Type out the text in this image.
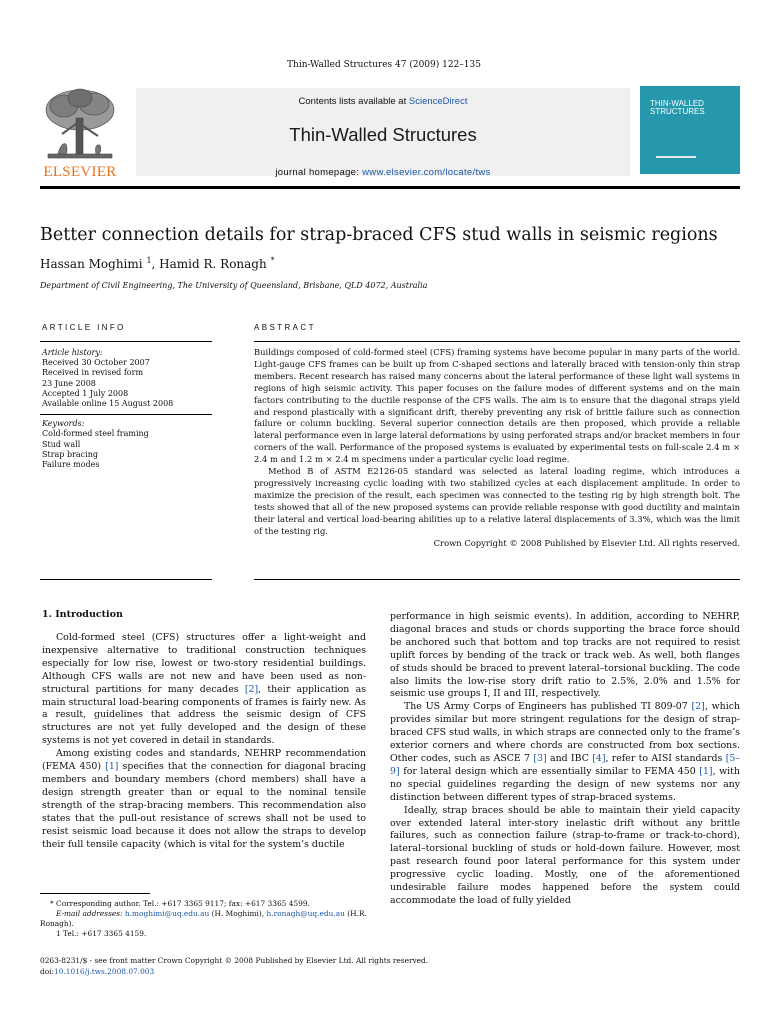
Thin-Walled Structures 47 (2009) 122–135
ELSEVIER
Contents lists available at ScienceDirect
Thin-Walled Structures
journal homepage: www.elsevier.com/locate/tws
THIN-WALLED
STRUCTURES
Better connection details for strap-braced CFS stud walls in seismic regions
Hassan Moghimi $^1$, Hamid R. Ronagh *
Department of Civil Engineering, The University of Queensland, Brisbane, QLD 4072, Australia
ARTICLE INFO	ABSTRACT
Article history:
Received 30 October 2007
Received in revised form
23 June 2008
Accepted 1 July 2008
Available online 15 August 2008
Keywords:
Cold-formed steel framing
Stud wall
Strap bracing
Failure modes

Buildings composed of cold-formed steel (CFS) framing systems have become popular in many parts of the world. Light-gauge CFS frames can be built up from C-shaped sections and laterally braced with tension-only thin strap members. Recent research has raised many concerns about the lateral performance of these light wall systems in regions of high seismic activity. This paper focuses on the failure modes of different systems and on the main factors contributing to the ductile response of the CFS walls. The aim is to ensure that the diagonal straps yield and respond plastically with a significant drift, thereby preventing any risk of brittle failure such as connection failure or column buckling. Several superior connection details are then proposed, which provide a reliable lateral performance even in large lateral deformations by using perforated straps and/or bracket members in four corners of the wall. Performance of the proposed systems is evaluated by experimental tests on full-scale 2.4 m × 2.4 m and 1.2 m × 2.4 m specimens under a particular cyclic load regime.

Method B of ASTM E2126-05 standard was selected as lateral loading regime, which introduces a progressively increasing cyclic loading with two stabilized cycles at each displacement amplitude. In order to maximize the precision of the result, each specimen was connected to the testing rig by high strength bolt. The tests showed that all of the new proposed systems can provide reliable response with good ductility and maintain their lateral and vertical load-bearing abilities up to a relative lateral displacements of 3.3%, which was the limit of the testing rig.

Crown Copyright © 2008 Published by Elsevier Ltd. All rights reserved.

1. Introduction

Cold-formed steel (CFS) structures offer a light-weight and inexpensive alternative to traditional construction techniques especially for low rise, lowest or two-story residential buildings. Although CFS walls are not new and have been used as non-structural partitions for many decades [2], their application as main structural load-bearing components of frames is fairly new. As a result, guidelines that address the seismic design of CFS structures are not yet fully developed and the design of these systems is not yet covered in detail in standards.

Among existing codes and standards, NEHRP recommendation (FEMA 450) [1] specifies that the connection for diagonal bracing members and boundary members (chord members) shall have a design strength greater than or equal to the nominal tensile strength of the strap-bracing members. This recommendation also states that the pull-out resistance of screws shall not be used to resist seismic load because it does not allow the straps to develop their full tensile capacity (which is vital for the system’s ductile

performance in high seismic events). In addition, according to NEHRP, diagonal braces and studs or chords supporting the brace force should be anchored such that bottom and top tracks are not required to resist uplift forces by bending of the track or track web. As well, both flanges of studs should be braced to prevent lateral–torsional buckling. The code also limits the low-rise story drift ratio to 2.5%, 2.0% and 1.5% for seismic use groups I, II and III, respectively.

The US Army Corps of Engineers has published TI 809-07 [2], which provides similar but more stringent regulations for the design of strap-braced CFS stud walls, in which straps are connected only to the frame’s exterior corners and where chords are constructed from box sections. Other codes, such as ASCE 7 [3] and IBC [4], refer to AISI standards [5–9] for lateral design which are essentially similar to FEMA 450 [1], with no special guidelines regarding the design of new systems nor any distinction between different types of strap-braced systems.

Ideally, strap braces should be able to maintain their yield capacity over extended lateral inter-story inelastic drift without any brittle failures, such as connection failure (strap-to-frame or track-to-chord), lateral–torsional buckling of studs or hold-down failure. However, most past research found poor lateral performance for this system under progressive cyclic loading. Mostly, one of the aforementioned undesirable failure modes happened before the system could accommodate the load of fully yielded

* Corresponding author. Tel.: +617 3365 9117; fax: +617 3365 4599.
E-mail addresses: h.moghimi@uq.edu.au (H. Moghimi), h.ronagh@uq.edu.au (H.R. Ronagh).
1 Tel.: +617 3365 4159.
0263-8231/$ - see front matter Crown Copyright © 2008 Published by Elsevier Ltd. All rights reserved.
doi:10.1016/j.tws.2008.07.003
